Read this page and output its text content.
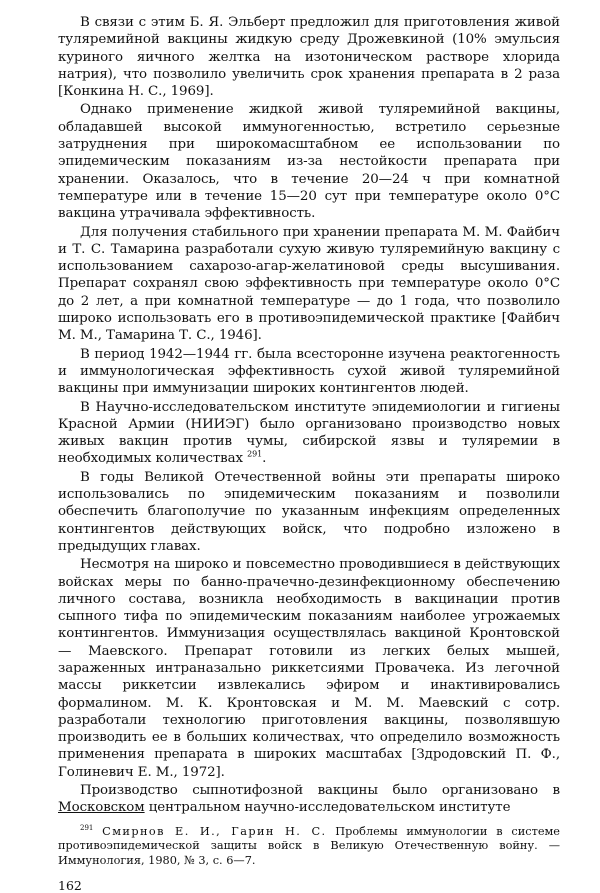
В связи с этим Б. Я. Эльберт предложил для приготовления живой туляремийной вакцины жидкую среду Дрожевкиной (10% эмульсия куриного яичного желтка на изотоническом растворе хлорида натрия), что позволило увеличить срок хранения препарата в 2 раза [Конкина Н. С., 1969].

Однако применение жидкой живой туляремийной вакцины, обладавшей высокой иммуногенностью, встретило серьезные затруднения при широкомасштабном ее использовании по эпидемическим показаниям из-за нестойкости препарата при хранении. Оказалось, что в течение 20—24 ч при комнатной температуре или в течение 15—20 сут при температуре около 0°С вакцина утрачивала эффективность.

Для получения стабильного при хранении препарата М. М. Файбич и Т. С. Тамарина разработали сухую живую туляремийную вакцину с использованием сахарозо-агар-желатиновой среды высушивания. Препарат сохранял свою эффективность при температуре около 0°С до 2 лет, а при комнатной температуре — до 1 года, что позволило широко использовать его в противоэпидемической практике [Файбич М. М., Тамарина Т. С., 1946].

В период 1942—1944 гг. была всесторонне изучена реактогенность и иммунологическая эффективность сухой живой туляремийной вакцины при иммунизации широких контингентов людей.

В Научно-исследовательском институте эпидемиологии и гигиены Красной Армии (НИИЭГ) было организовано производство новых живых вакцин против чумы, сибирской язвы и туляремии в необходимых количествах $^{291}$.

В годы Великой Отечественной войны эти препараты широко использовались по эпидемическим показаниям и позволили обеспечить благополучие по указанным инфекциям определенных контингентов действующих войск, что подробно изложено в предыдущих главах.

Несмотря на широко и повсеместно проводившиеся в действующих войсках меры по банно-прачечно-дезинфекционному обеспечению личного состава, возникла необходимость в вакцинации против сыпного тифа по эпидемическим показаниям наиболее угрожаемых контингентов. Иммунизация осуществлялась вакциной Кронтовской — Маевского. Препарат готовили из легких белых мышей, зараженных интраназально риккетсиями Провачека. Из легочной массы риккетсии извлекались эфиром и инактивировались формалином. М. К. Кронтовская и М. М. Маевский с сотр. разработали технологию приготовления вакцины, позволявшую производить ее в больших количествах, что определило возможность применения препарата в широких масштабах [Здродовский П. Ф., Голиневич Е. М., 1972].

Производство сыпнотифозной вакцины было организовано в Московском центральном научно-исследовательском институте

$^{291}$ Смирнов Е. И., Гарин Н. С. Проблемы иммунологии в системе противоэпидемической защиты войск в Великую Отечественную войну. — Иммунология, 1980, № 3, с. 6—7.

162
